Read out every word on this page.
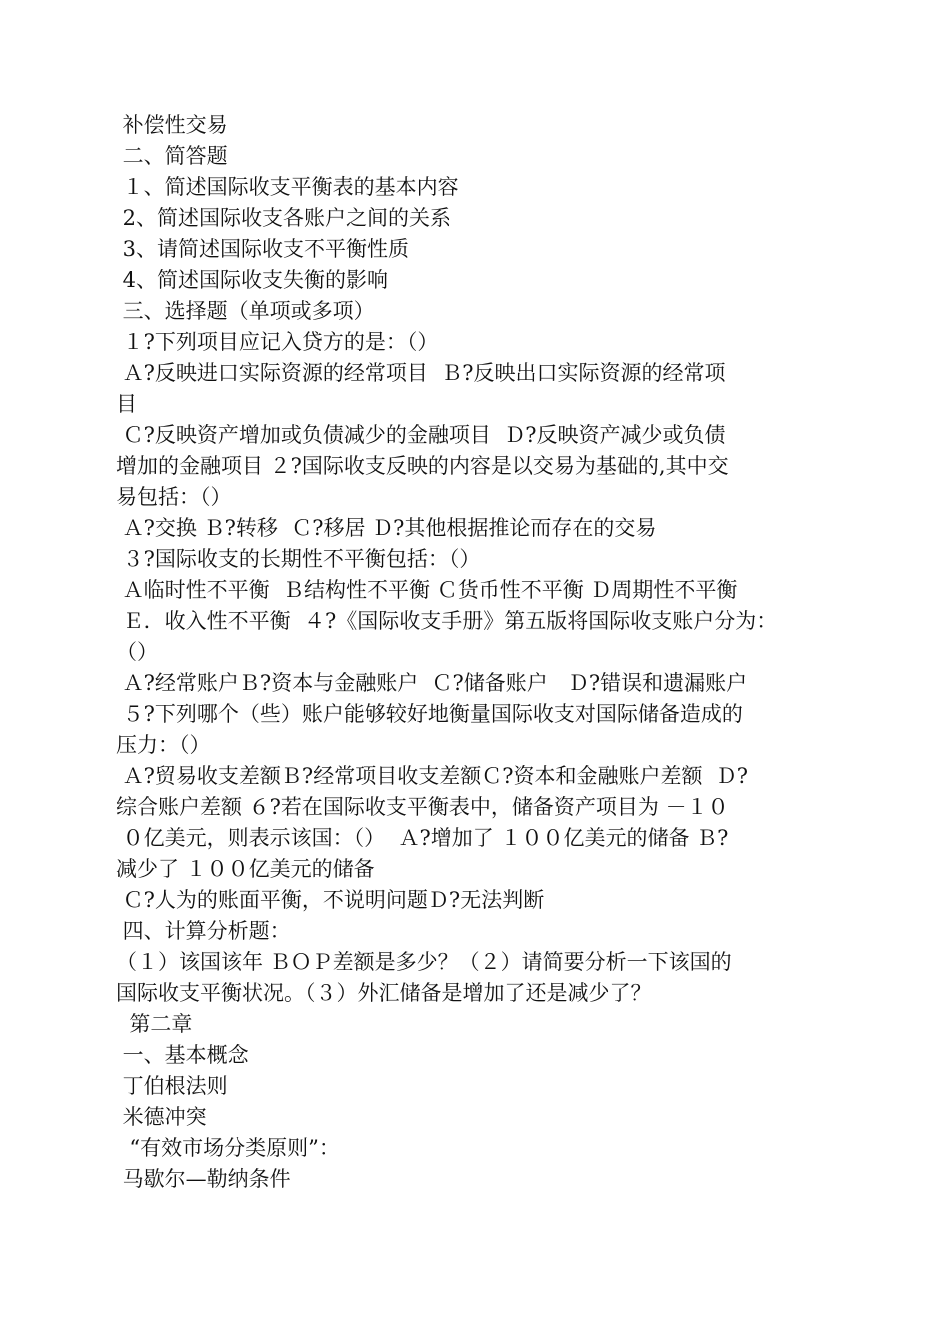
补偿性交易
二、简答题
１、简述国际收支平衡表的基本内容
2、简述国际收支各账户之间的关系
3、请简述国际收支不平衡性质
4、简述国际收支失衡的影响
三、选择题（单项或多项）
１?下列项目应记入贷方的是：（）
Ａ?反映进口实际资源的经常项目  Ｂ?反映出口实际资源的经常项
目
Ｃ?反映资产增加或负债减少的金融项目  Ｄ?反映资产减少或负债
增加的金融项目 ２?国际收支反映的内容是以交易为基础的,其中交
易包括：（）
Ａ?交换 Ｂ?转移  Ｃ?移居 Ｄ?其他根据推论而存在的交易
３?国际收支的长期性不平衡包括：（）
Ａ临时性不平衡  Ｂ结构性不平衡 Ｃ货币性不平衡 Ｄ周期性不平衡
Ｅ．收入性不平衡  ４?《国际收支手册》第五版将国际收支账户分为：
（）
Ａ?经常账户Ｂ?资本与金融账户  Ｃ?储备账户   Ｄ?错误和遗漏账户
５?下列哪个（些）账户能够较好地衡量国际收支对国际储备造成的
压力：（）
Ａ?贸易收支差额Ｂ?经常项目收支差额Ｃ?资本和金融账户差额  Ｄ?
综合账户差额 ６?若在国际收支平衡表中，储备资产项目为 －１０
０亿美元，则表示该国：（）  Ａ?增加了 １００亿美元的储备 Ｂ?
减少了 １００亿美元的储备
Ｃ?人为的账面平衡，不说明问题Ｄ?无法判断
四、计算分析题：
（１）该国该年 ＢＯＰ差额是多少？（２）请简要分析一下该国的
国际收支平衡状况。（３）外汇储备是增加了还是减少了？
第二章
一、基本概念
丁伯根法则
米德冲突
“有效市场分类原则”：
马歇尔—勒纳条件
